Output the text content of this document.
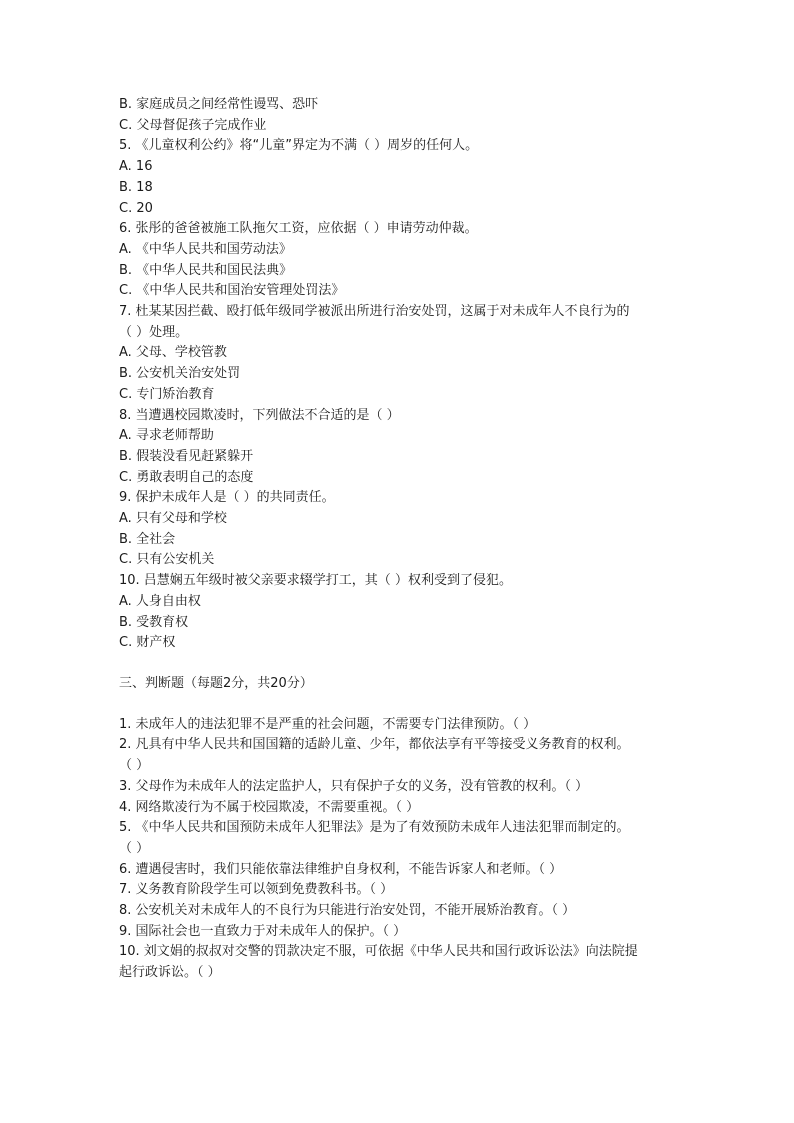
B. 家庭成员之间经常性谩骂、恐吓
C. 父母督促孩子完成作业
5. 《儿童权利公约》将“儿童”界定为不满（ ）周岁的任何人。
A. 16
B. 18
C. 20
6. 张彤的爸爸被施工队拖欠工资，应依据（ ）申请劳动仲裁。
A. 《中华人民共和国劳动法》
B. 《中华人民共和国民法典》
C. 《中华人民共和国治安管理处罚法》
7. 杜某某因拦截、殴打低年级同学被派出所进行治安处罚，这属于对未成年人不良行为的
（ ）处理。
A. 父母、学校管教
B. 公安机关治安处罚
C. 专门矫治教育
8. 当遭遇校园欺凌时，下列做法不合适的是（ ）
A. 寻求老师帮助
B. 假装没看见赶紧躲开
C. 勇敢表明自己的态度
9. 保护未成年人是（ ）的共同责任。
A. 只有父母和学校
B. 全社会
C. 只有公安机关
10. 吕慧娴五年级时被父亲要求辍学打工，其（ ）权利受到了侵犯。
A. 人身自由权
B. 受教育权
C. 财产权
三、判断题（每题2分，共20分）
1. 未成年人的违法犯罪不是严重的社会问题，不需要专门法律预防。（ ）
2. 凡具有中华人民共和国国籍的适龄儿童、少年，都依法享有平等接受义务教育的权利。
（ ）
3. 父母作为未成年人的法定监护人，只有保护子女的义务，没有管教的权利。（ ）
4. 网络欺凌行为不属于校园欺凌，不需要重视。（ ）
5. 《中华人民共和国预防未成年人犯罪法》是为了有效预防未成年人违法犯罪而制定的。
（ ）
6. 遭遇侵害时，我们只能依靠法律维护自身权利，不能告诉家人和老师。（ ）
7. 义务教育阶段学生可以领到免费教科书。（ ）
8. 公安机关对未成年人的不良行为只能进行治安处罚，不能开展矫治教育。（ ）
9. 国际社会也一直致力于对未成年人的保护。（ ）
10. 刘文娟的叔叔对交警的罚款决定不服，可依据《中华人民共和国行政诉讼法》向法院提
起行政诉讼。（ ）
